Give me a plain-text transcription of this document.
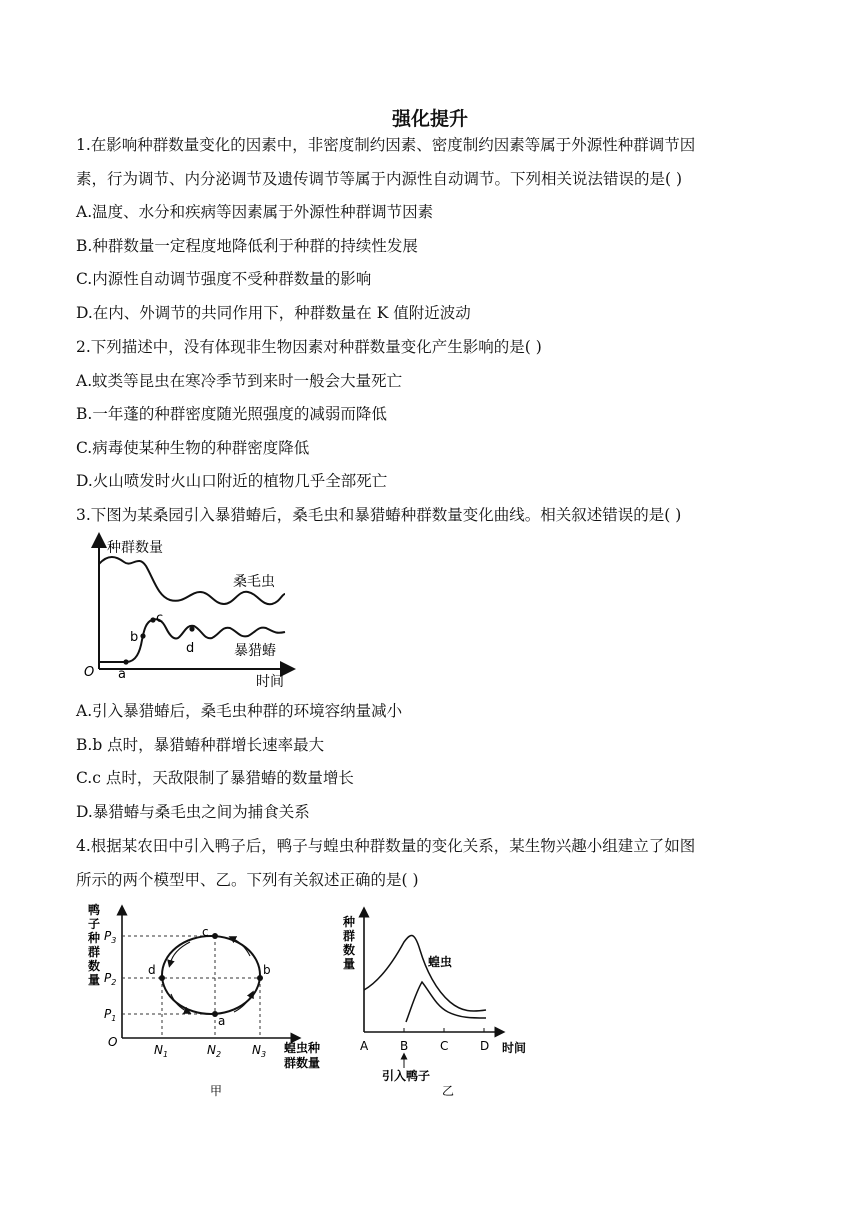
强化提升
1.在影响种群数量变化的因素中，非密度制约因素、密度制约因素等属于外源性种群调节因
素，行为调节、内分泌调节及遗传调节等属于内源性自动调节。下列相关说法错误的是( )
A.温度、水分和疾病等因素属于外源性种群调节因素
B.种群数量一定程度地降低利于种群的持续性发展
C.内源性自动调节强度不受种群数量的影响
D.在内、外调节的共同作用下，种群数量在 K 值附近波动
2.下列描述中，没有体现非生物因素对种群数量变化产生影响的是( )
A.蚊类等昆虫在寒冷季节到来时一般会大量死亡
B.一年蓬的种群密度随光照强度的减弱而降低
C.病毒使某种生物的种群密度降低
D.火山喷发时火山口附近的植物几乎全部死亡
3.下图为某桑园引入暴猎蝽后，桑毛虫和暴猎蝽种群数量变化曲线。相关叙述错误的是( )
种群数量
时间
O
桑毛虫
暴猎蝽
a
b
c
d
A.引入暴猎蝽后，桑毛虫种群的环境容纳量减小
B.b 点时，暴猎蝽种群增长速率最大
C.c 点时，天敌限制了暴猎蝽的数量增长
D.暴猎蝽与桑毛虫之间为捕食关系
4.根据某农田中引入鸭子后，鸭子与蝗虫种群数量的变化关系，某生物兴趣小组建立了如图
所示的两个模型甲、乙。下列有关叙述正确的是( )
鸭
子
种
群
数
量
c
d	b
a
$P_3$
$P_2$
$P_1$
O
$N_1$	$N_2$	$N_3$ 蝗虫种
群数量
甲
种
群
数
量	蝗虫
A	B	C	D 时间
引入鸭子
乙
